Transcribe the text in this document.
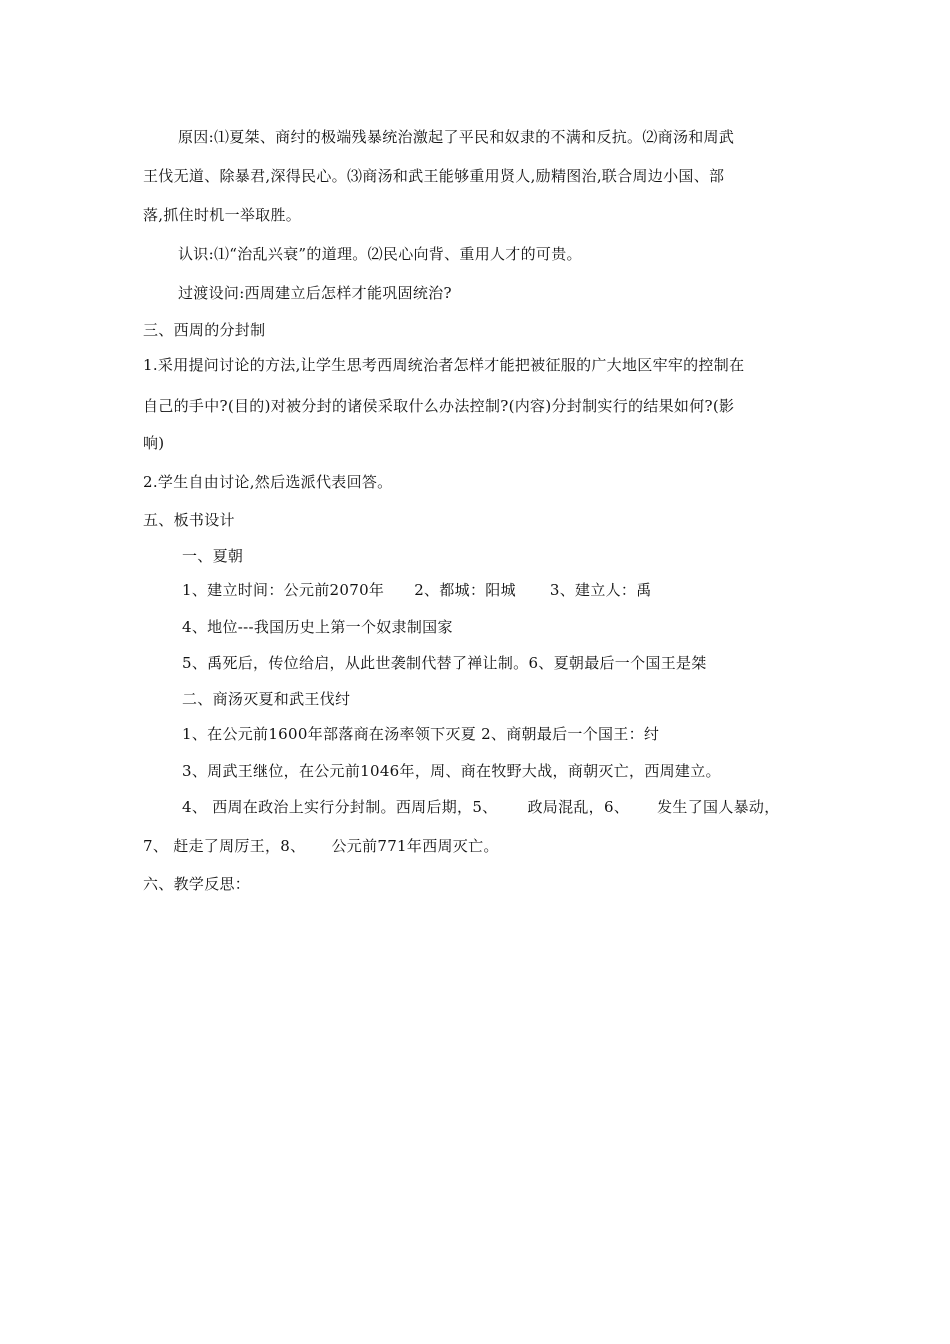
原因:⑴夏桀、商纣的极端残暴统治激起了平民和奴隶的不满和反抗。⑵商汤和周武
王伐无道、除暴君,深得民心。⑶商汤和武王能够重用贤人,励精图治,联合周边小国、部
落,抓住时机一举取胜。
认识:⑴“治乱兴衰”的道理。⑵民心向背、重用人才的可贵。
过渡设问:西周建立后怎样才能巩固统治?
三、西周的分封制
1.采用提问讨论的方法,让学生思考西周统治者怎样才能把被征服的广大地区牢牢的控制在
自己的手中?(目的)对被分封的诸侯采取什么办法控制?(内容)分封制实行的结果如何?(影
响)
2.学生自由讨论,然后选派代表回答。
五、板书设计
一、夏朝
1、建立时间：公元前2070年 2、都城：阳城 3、建立人：禹
4、地位---我国历史上第一个奴隶制国家
5、禹死后，传位给启，从此世袭制代替了禅让制。6、夏朝最后一个国王是桀
二、商汤灭夏和武王伐纣
1、在公元前1600年部落商在汤率领下灭夏 2、商朝最后一个国王：纣
3、周武王继位，在公元前1046年，周、商在牧野大战，商朝灭亡，西周建立。
4、 西周在政治上实行分封制。西周后期，5、 政局混乱，6、 发生了国人暴动，
7、 赶走了周厉王，8、 公元前771年西周灭亡。
六、教学反思：
